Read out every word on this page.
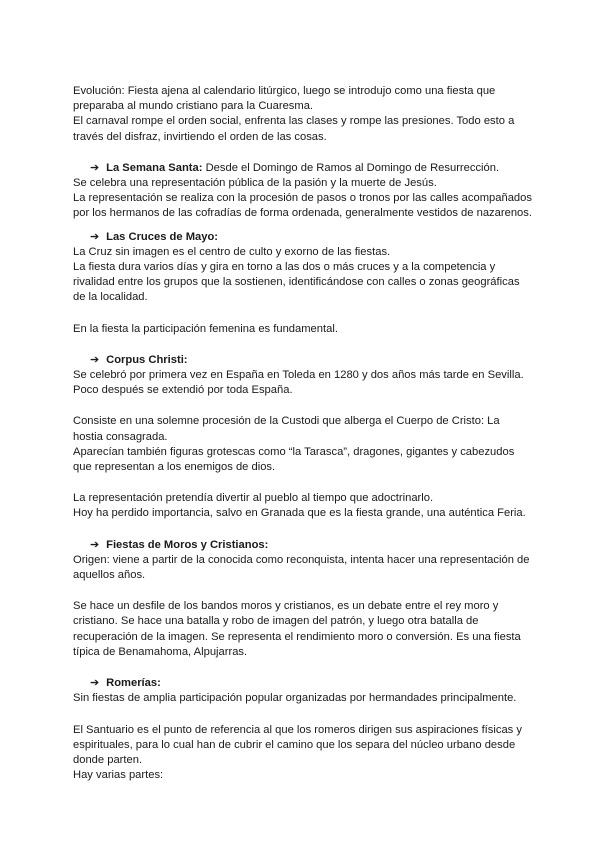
Evolución: Fiesta ajena al calendario litúrgico, luego se introdujo como una fiesta que

preparaba al mundo cristiano para la Cuaresma.

El carnaval rompe el orden social, enfrenta las clases y rompe las presiones. Todo esto a

través del disfraz, invirtiendo el orden de las cosas.

➔ La Semana Santa: Desde el Domingo de Ramos al Domingo de Resurrección.

Se celebra una representación pública de la pasión y la muerte de Jesús.

La representación se realiza con la procesión de pasos o tronos por las calles acompañados

por los hermanos de las cofradías de forma ordenada, generalmente vestidos de nazarenos.

➔ Las Cruces de Mayo:

La Cruz sin imagen es el centro de culto y exorno de las fiestas.

La fiesta dura varios días y gira en torno a las dos o más cruces y a la competencia y

rivalidad entre los grupos que la sostienen, identificándose con calles o zonas geográficas

de la localidad.

En la fiesta la participación femenina es fundamental.

➔ Corpus Christi:

Se celebró por primera vez en España en Toleda en 1280 y dos años más tarde en Sevilla.

Poco después se extendió por toda España.

Consiste en una solemne procesión de la Custodi que alberga el Cuerpo de Cristo: La

hostia consagrada.

Aparecían también figuras grotescas como “la Tarasca”, dragones, gigantes y cabezudos

que representan a los enemigos de dios.

La representación pretendía divertir al pueblo al tiempo que adoctrinarlo.

Hoy ha perdido importancia, salvo en Granada que es la fiesta grande, una auténtica Feria.

➔ Fiestas de Moros y Cristianos:

Origen: viene a partir de la conocida como reconquista, intenta hacer una representación de

aquellos años.

Se hace un desfile de los bandos moros y cristianos, es un debate entre el rey moro y

cristiano. Se hace una batalla y robo de imagen del patrón, y luego otra batalla de

recuperación de la imagen. Se representa el rendimiento moro o conversión. Es una fiesta

típica de Benamahoma, Alpujarras.

➔ Romerías:

Sin fiestas de amplia participación popular organizadas por hermandades principalmente.

El Santuario es el punto de referencia al que los romeros dirigen sus aspiraciones físicas y

espirituales, para lo cual han de cubrir el camino que los separa del núcleo urbano desde

donde parten.

Hay varias partes:
